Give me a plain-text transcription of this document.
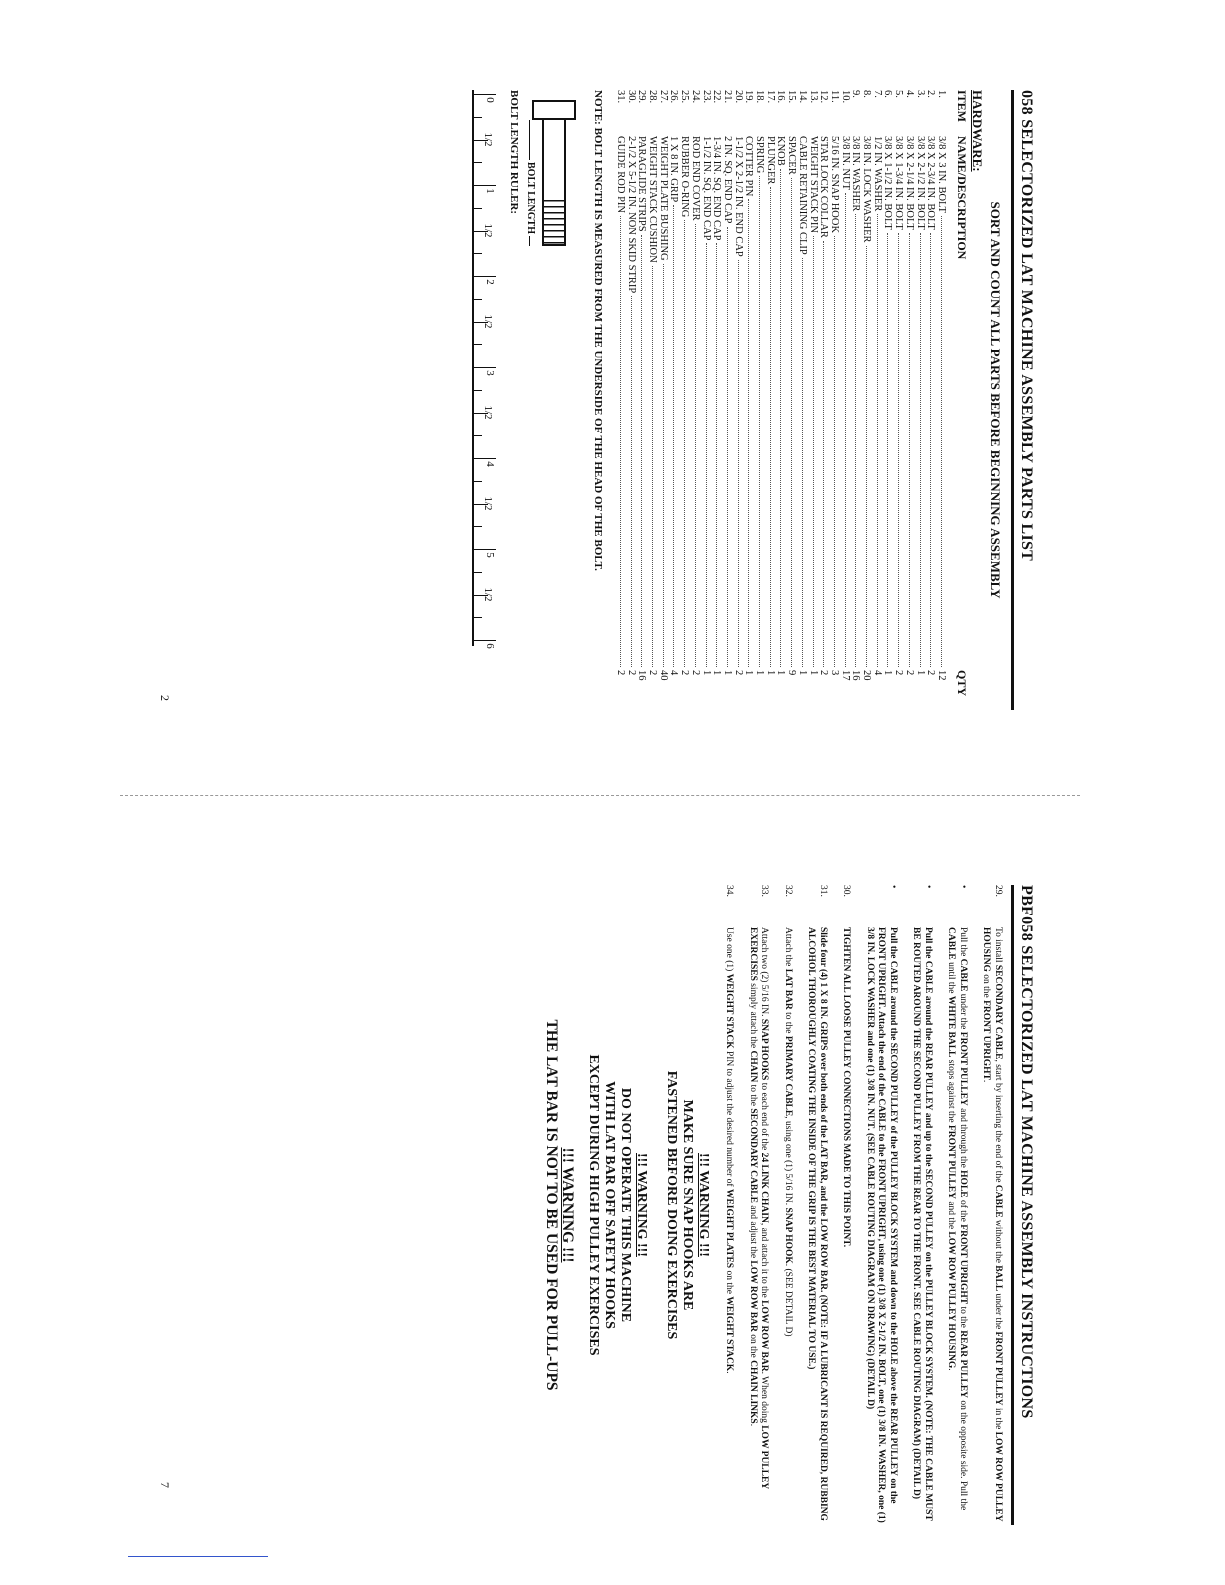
058 SELECTORIZED LAT MACHINE ASSEMBLY PARTS LIST
SORT AND COUNT ALL PARTS BEFORE BEGINNING ASSEMBLY
HARDWARE:
ITEM
NAME/DESCRIPTION
QTY
1.
3/8 X 3 IN. BOLT
12
2.
3/8 X 2-3/4 IN. BOLT
2
3.
3/8 X 2-1/2 IN. BOLT
1
4.
3/8 X 2-1/4 IN. BOLT
2
5.
3/8 X 1-3/4 IN. BOLT
2
6.
3/8 X 1-1/2 IN. BOLT
1
7.
1/2 IN. WASHER
4
8.
3/8 IN. LOCK WASHER
20
9.
3/8 IN. WASHER
16
10.
3/8 IN. NUT
17
11.
5/16 IN. SNAP HOOK
3
12.
STAR LOCK COLLAR
2
13.
WEIGHT STACK PIN
1
14.
CABLE RETAINING CLIP
1
15.
SPACER
9
16.
KNOB
1
17.
PLUNGER
1
18.
SPRING
1
19.
COTTER PIN
1
20.
1-1/2 X 2-1/2 IN. END CAP
2
21.
2 IN. SQ. END CAP
1
22.
1-3/4 IN. SQ. END CAP
1
23.
1-1/2 IN. SQ. END CAP
1
24.
ROD END COVER
2
25.
RUBBER O-RING
2
26.
1 X 8 IN. GRIP
4
27.
WEIGHT PLATE BUSHING
40
28.
WEIGHT STACK CUSHION
2
29.
PARAGLIDE STRIPS
16
30.
2-1/2 X 5-1/2 IN. NON SKID STRIP
2
31.
GUIDE ROD PIN
2
NOTE: BOLT LENGTH IS MEASURED FROM THE UNDERSIDE OF THE HEAD OF THE BOLT.
BOLT LENGTH
BOLT LENGTH RULER:
0
1/2
1
1/2
2
1/2
3
1/2
4
1/2
5
1/2
6
PBF058 SELECTORIZED LAT MACHINE ASSEMBLY INSTRUCTIONS
29.
To install SECONDARY CABLE, start by inserting the end of the CABLE without the BALL under the FRONT PULLEY in the LOW ROW PULLEY HOUSING on the FRONT UPRIGHT.
•
Pull the CABLE under the FRONT PULLEY and through the HOLE of the FRONT UPRIGHT to the REAR PULLEY on the opposite side. Pull the CABLE until the WHITE BALL stops against the FRONT PULLEY and the LOW ROW PULLEY HOUSING.
•
Pull the CABLE around the REAR PULLEY and up to the SECOND PULLEY on the PULLEY BLOCK SYSTEM. (NOTE: THE CABLE MUST BE ROUTED AROUND THE SECOND PULLEY FROM THE REAR TO THE FRONT. SEE CABLE ROUTING DIAGRAM) (DETAIL D)
•
Pull the CABLE around the SECOND PULLEY of the PULLEY BLOCK SYSTEM and down to the HOLE above the REAR PULLEY on the FRONT UPRIGHT. Attach the end of the CABLE to the FRONT UPRIGHT, using one (1) 3/8 X 2-1/2 IN. BOLT, one (1) 3/8 IN. WASHER, one (1) 3/8 IN. LOCK WASHER and one (1) 3/8 IN. NUT. (SEE CABLE ROUTING DIAGRAM ON DRAWING) (DETAIL D)
30.
TIGHTEN ALL LOOSE PULLEY CONNECTIONS MADE TO THIS POINT.
31.
Slide four (4) 1 X 8 IN. GRIPS over both ends of the LAT BAR, and the LOW ROW BAR. (NOTE: IF A LUBRICANT IS REQUIRED, RUBBING ALCOHOL THOROUGHLY COATING THE INSIDE OF THE GRIP IS THE BEST MATERIAL TO USE.)
32.
Attach the LAT BAR to the PRIMARY CABLE, using one (1) 5/16 IN. SNAP HOOK. (SEE DETAIL D)
33.
Attach two (2) 5/16 IN. SNAP HOOKS to each end of the 24 LINK CHAIN, and attach it to the LOW ROW BAR. When doing LOW PULLEY EXERCISES simply attach the CHAIN to the SECONDARY CABLE and adjust the LOW ROW BAR on the CHAIN LINKS.
34.
Use one (1) WEIGHT STACK PIN to adjust the desired number of WEIGHT PLATES on the WEIGHT STACK.
!!! WARNING !!!
MAKE SURE SNAP HOOKS ARE
FASTENED BEFORE DOING EXERCISES
!!! WARNING !!!
DO NOT OPERATE THIS MACHINE
WITH LAT BAR OFF SAFETY HOOKS
EXCEPT DURING HIGH PULLEY EXERCISES
!!! WARNING !!!
THE LAT BAR IS NOT TO BE USED FOR PULL-UPS
2
7
